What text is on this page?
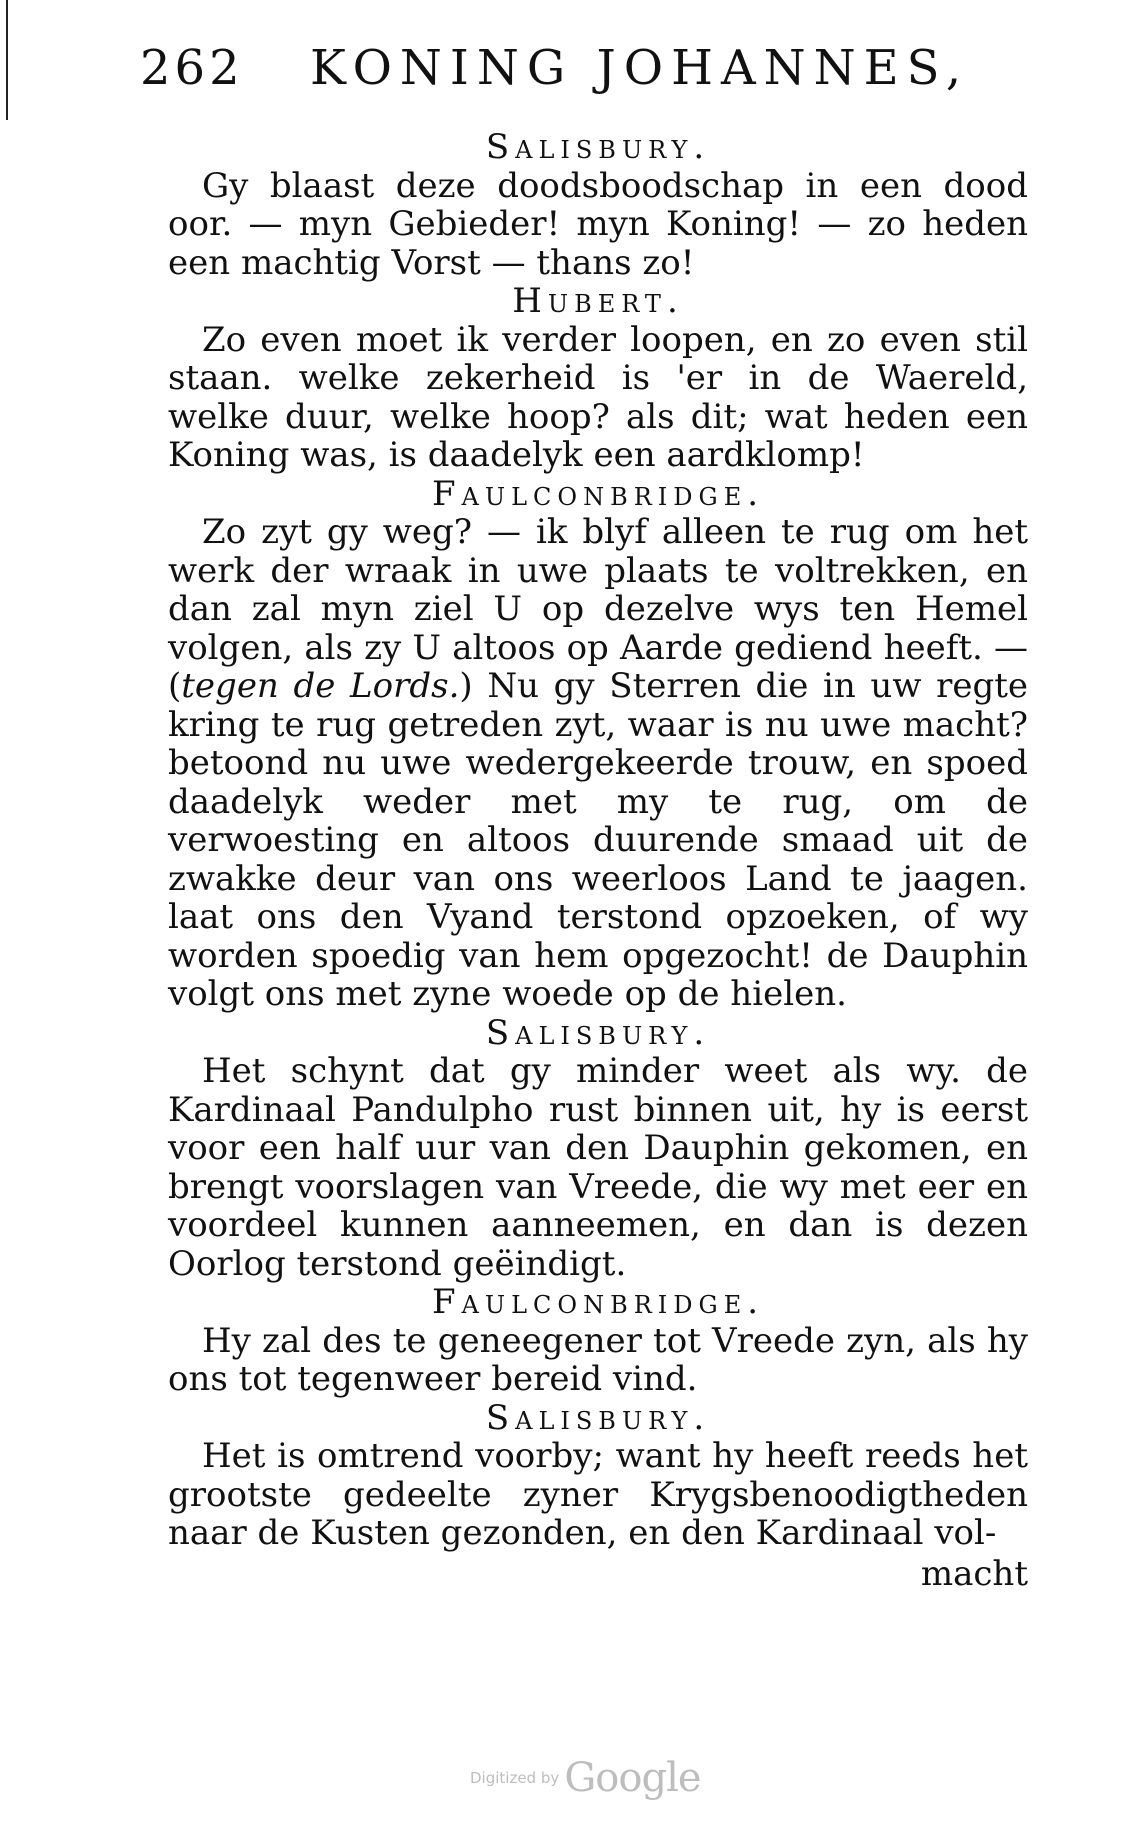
262 KONING JOHANNES,
Salisbury.

Gy blaast deze doodsboodschap in een dood oor. — myn Gebieder! myn Koning! — zo heden een machtig Vorst — thans zo!

Hubert.

Zo even moet ik verder loopen, en zo even stil staan. welke zekerheid is 'er in de Waereld, welke duur, welke hoop? als dit; wat heden een Koning was, is daadelyk een aardklomp!

Faulconbridge.

Zo zyt gy weg? — ik blyf alleen te rug om het werk der wraak in uwe plaats te voltrekken, en dan zal myn ziel U op dezelve wys ten Hemel volgen, als zy U altoos op Aarde gediend heeft. — (tegen de Lords.) Nu gy Sterren die in uw regte kring te rug getreden zyt, waar is nu uwe macht? betoond nu uwe wedergekeerde trouw, en spoed daadelyk weder met my te rug, om de verwoesting en altoos duurende smaad uit de zwakke deur van ons weerloos Land te jaagen. laat ons den Vyand terstond opzoeken, of wy worden spoedig van hem opgezocht! de Dauphin volgt ons met zyne woede op de hielen.

Salisbury.

Het schynt dat gy minder weet als wy. de Kardinaal Pandulpho rust binnen uit, hy is eerst voor een half uur van den Dauphin gekomen, en brengt voorslagen van Vreede, die wy met eer en voordeel kunnen aanneemen, en dan is dezen Oorlog terstond geëindigt.

Faulconbridge.

Hy zal des te geneegener tot Vreede zyn, als hy ons tot tegenweer bereid vind.

Salisbury.

Het is omtrend voorby; want hy heeft reeds het grootste gedeelte zyner Krygsbenoodigtheden naar de Kusten gezonden, en den Kardinaal vol-

macht
Digitized by Google
